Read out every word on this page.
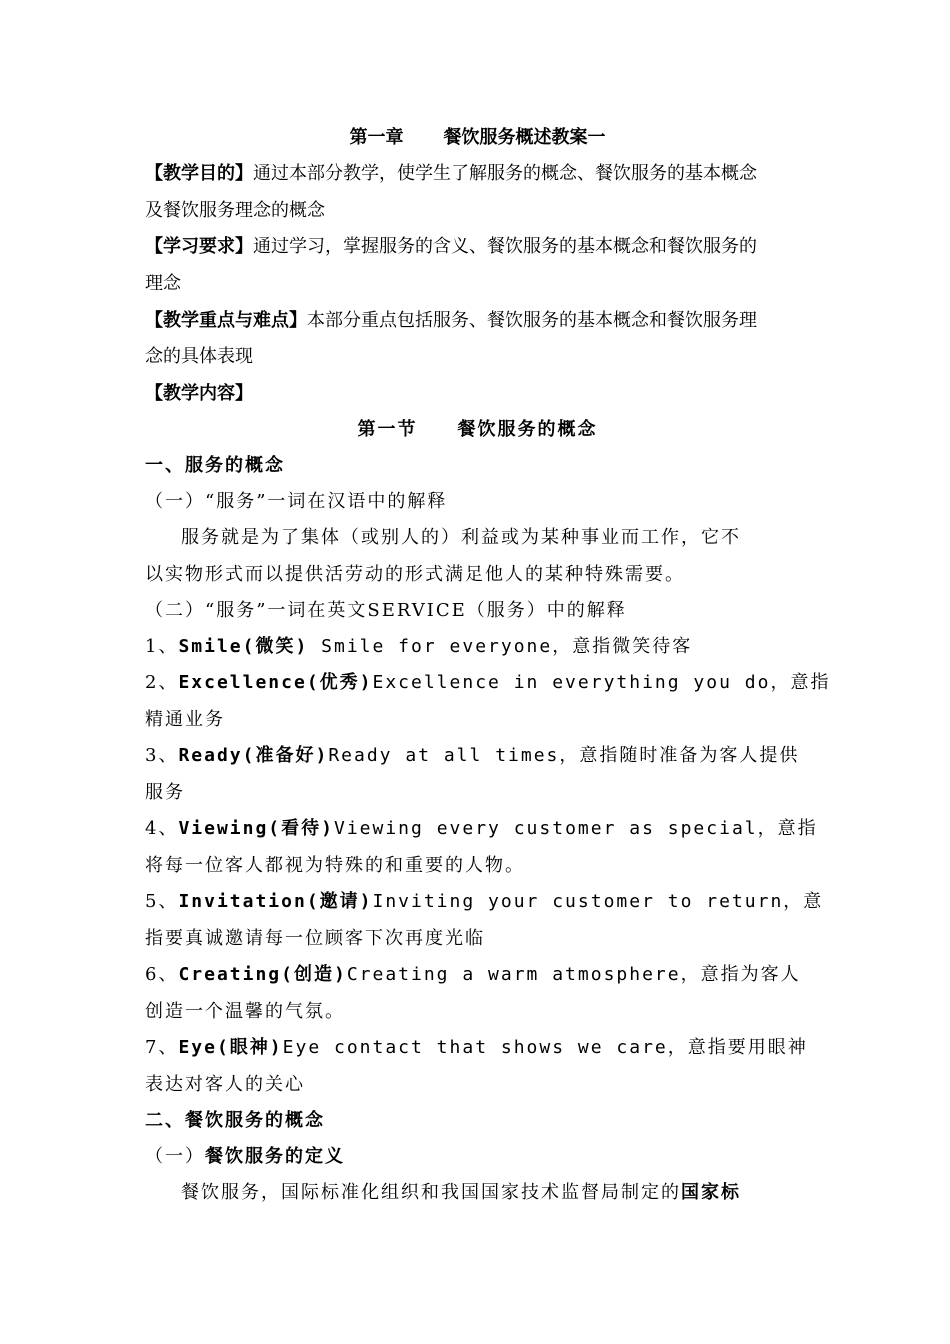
第一章 餐饮服务概述教案一
【教学目的】通过本部分教学，使学生了解服务的概念、餐饮服务的基本概念
及餐饮服务理念的概念
【学习要求】通过学习，掌握服务的含义、餐饮服务的基本概念和餐饮服务的
理念
【教学重点与难点】本部分重点包括服务、餐饮服务的基本概念和餐饮服务理
念的具体表现
【教学内容】
第一节 餐饮服务的概念
一、服务的概念
（一）“服务”一词在汉语中的解释
服务就是为了集体（或别人的）利益或为某种事业而工作，它不
以实物形式而以提供活劳动的形式满足他人的某种特殊需要。
（二）“服务”一词在英文SERVICE（服务）中的解释
1、Smile(微笑) Smile for everyone，意指微笑待客
2、Excellence(优秀)Excellence in everything you do，意指
精通业务
3、Ready(准备好)Ready at all times，意指随时准备为客人提供
服务
4、Viewing(看待)Viewing every customer as special，意指
将每一位客人都视为特殊的和重要的人物。
5、Invitation(邀请)Inviting your customer to return，意
指要真诚邀请每一位顾客下次再度光临
6、Creating(创造)Creating a warm atmosphere，意指为客人
创造一个温馨的气氛。
7、Eye(眼神)Eye contact that shows we care，意指要用眼神
表达对客人的关心
二、餐饮服务的概念
（一）餐饮服务的定义
餐饮服务，国际标准化组织和我国国家技术监督局制定的国家标
